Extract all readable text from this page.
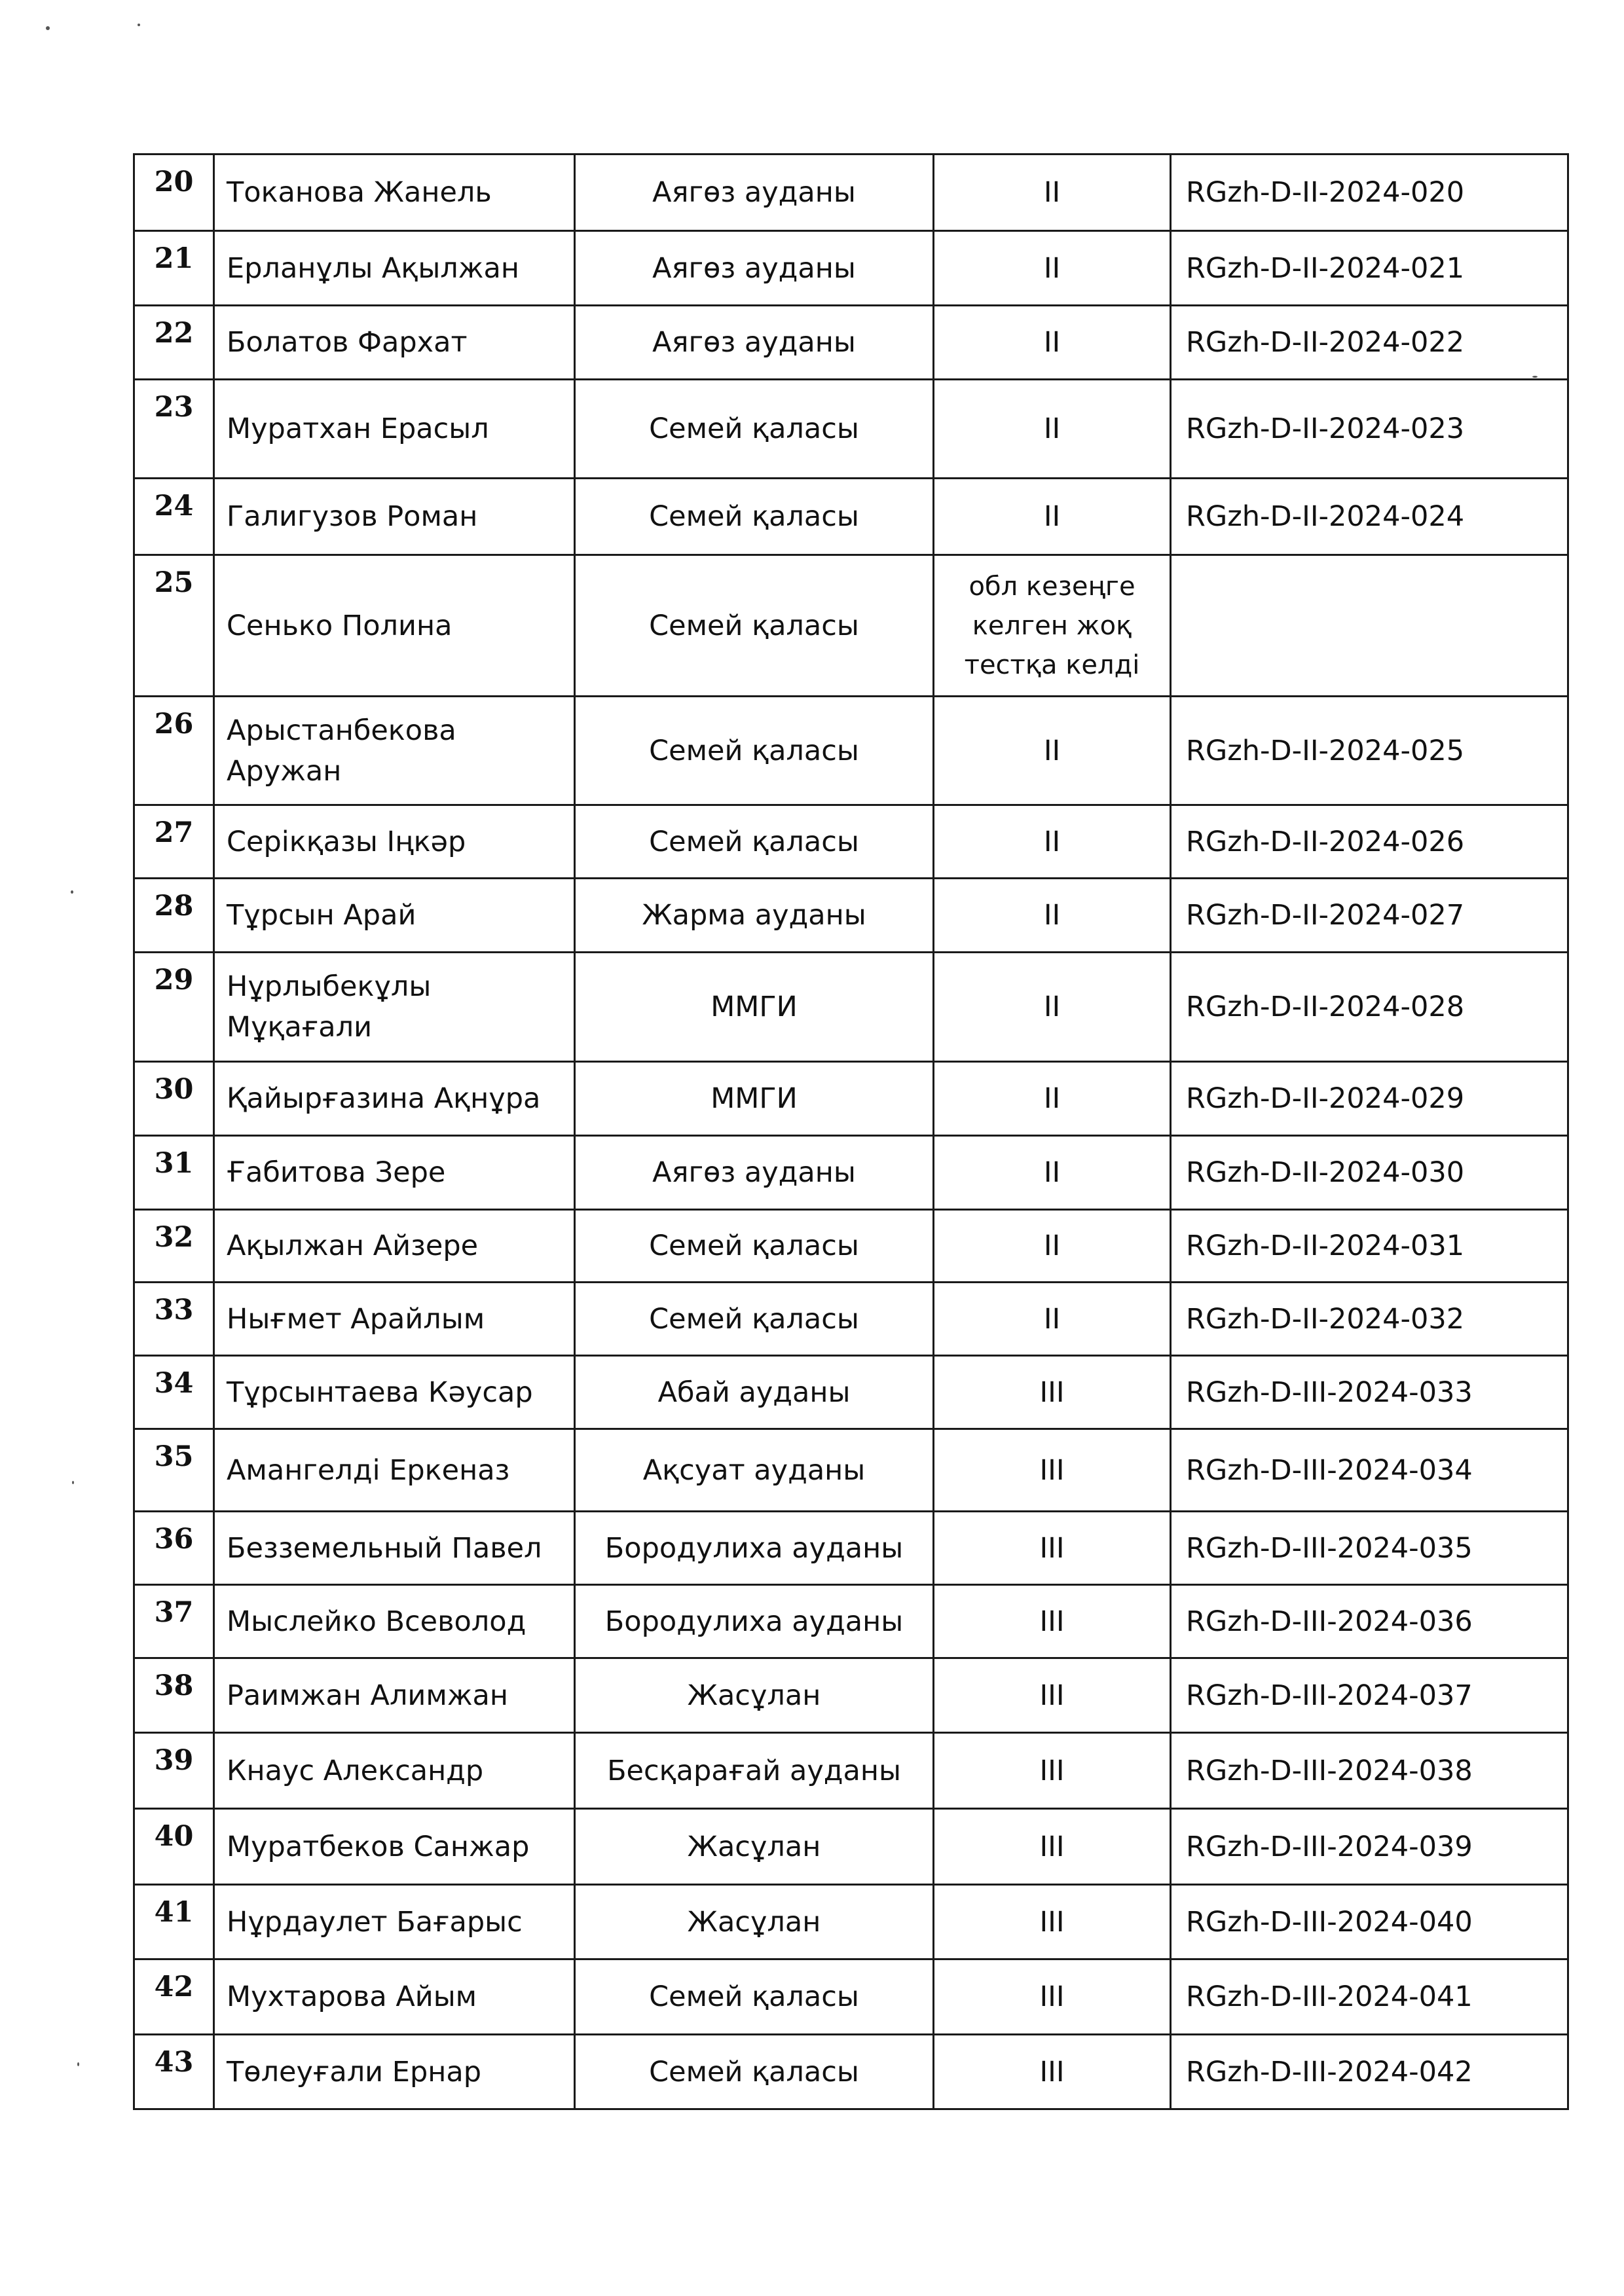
20	Токанова Жанель	Аягөз ауданы	II	RGzh-D-II-2024-020
21	Ерланұлы Ақылжан	Аягөз ауданы	II	RGzh-D-II-2024-021
22	Болатов Фархат	Аягөз ауданы	II	RGzh-D-II-2024-022
23	Муратхан Ерасыл	Семей қаласы	II	RGzh-D-II-2024-023
24	Галигузов Роман	Семей қаласы	II	RGzh-D-II-2024-024
25	Сенько Полина	Семей қаласы	обл кезеңге келген жоқ тестқа келді	
26	Арыстанбекова Аружан	Семей қаласы	II	RGzh-D-II-2024-025
27	Серікқазы Іңкәр	Семей қаласы	II	RGzh-D-II-2024-026
28	Тұрсын Арай	Жарма ауданы	II	RGzh-D-II-2024-027
29	Нұрлыбекұлы Мұқағали	ММГИ	II	RGzh-D-II-2024-028
30	Қайырғазина Ақнұра	ММГИ	II	RGzh-D-II-2024-029
31	Ғабитова Зере	Аягөз ауданы	II	RGzh-D-II-2024-030
32	Ақылжан Айзере	Семей қаласы	II	RGzh-D-II-2024-031
33	Нығмет Арайлым	Семей қаласы	II	RGzh-D-II-2024-032
34	Тұрсынтаева Кәусар	Абай ауданы	III	RGzh-D-III-2024-033
35	Амангелді Еркеназ	Ақсуат ауданы	III	RGzh-D-III-2024-034
36	Безземельный Павел	Бородулиха ауданы	III	RGzh-D-III-2024-035
37	Мыслейко Всеволод	Бородулиха ауданы	III	RGzh-D-III-2024-036
38	Раимжан Алимжан	Жасұлан	III	RGzh-D-III-2024-037
39	Кнаус Александр	Бесқарағай ауданы	III	RGzh-D-III-2024-038
40	Муратбеков Санжар	Жасұлан	III	RGzh-D-III-2024-039
41	Нұрдаулет Бағарыс	Жасұлан	III	RGzh-D-III-2024-040
42	Мухтарова Айым	Семей қаласы	III	RGzh-D-III-2024-041
43	Төлеуғали Ернар	Семей қаласы	III	RGzh-D-III-2024-042
